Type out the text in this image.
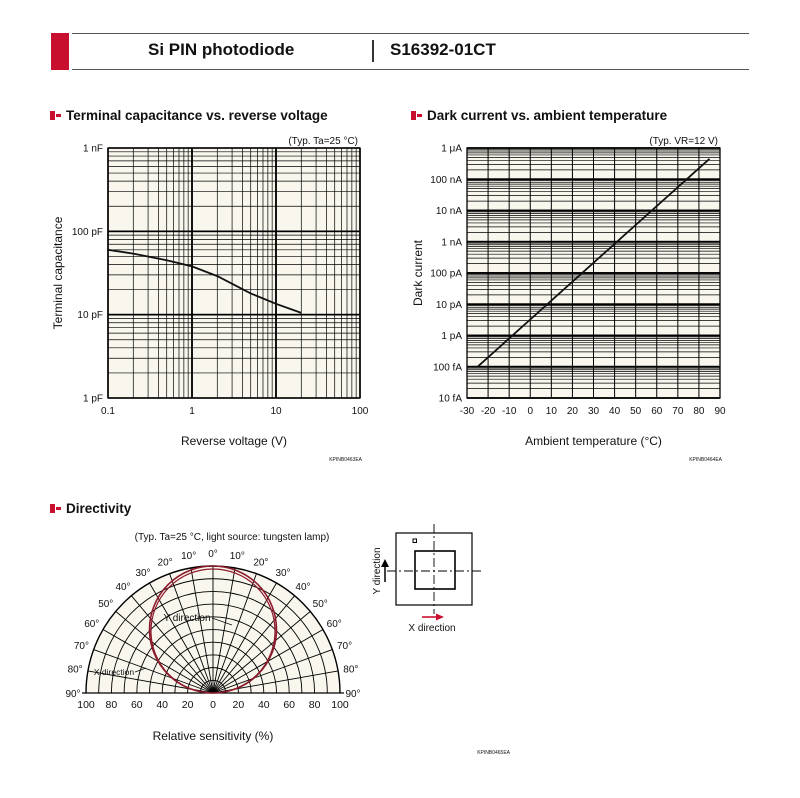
Si PIN photodiode	S16392-01CT
Terminal capacitance vs. reverse voltage	Dark current vs. ambient temperature
Directivity
0.1	1	10	100
1 pF
10 pF
100 pF
1 nF
(Typ. Ta=25 °C)
Reverse voltage (V)
Terminal capacitance
KPINB0463EA
-30 -20 -10 0 10 20 30 40 50 60 70 80 90
10 fA
100 fA
1 pA
10 pA
100 pA
1 nA
10 nA
100 nA
1 μA
(Typ. VR=12 V)
Ambient temperature (°C)
Dark current
KPINB0464EA
90°
80°
70°
60°
50°
40°
30°
20°
10° 0° 10°
20°
30°
40°
50°
60°
70°
80°
90°
100 80 60 40 20 0 20 40 60 80 100
Y direction
X direction
(Typ. Ta=25 °C, light source: tungsten lamp)
Relative sensitivity (%)
KPINB0465EA
Y direction
X direction
